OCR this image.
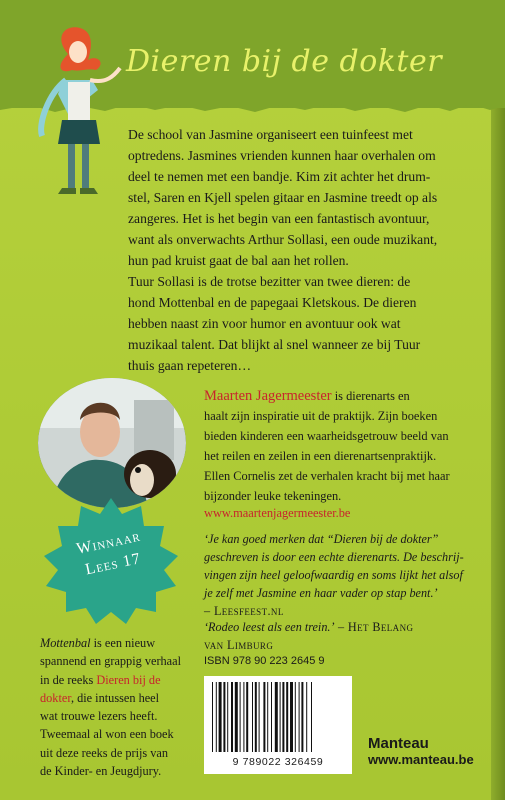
Dieren bij de dokter

De school van Jasmine organiseert een tuinfeest met

optredens. Jasmines vrienden kunnen haar overhalen om

deel te nemen met een bandje. Kim zit achter het drum-

stel, Saren en Kjell spelen gitaar en Jasmine treedt op als

zangeres. Het is het begin van een fantastisch avontuur,

want als onverwachts Arthur Sollasi, een oude muzikant,

hun pad kruist gaat de bal aan het rollen.

Tuur Sollasi is de trotse bezitter van twee dieren: de

hond Mottenbal en de papegaai Kletskous. De dieren

hebben naast zin voor humor en avontuur ook wat

muzikaal talent. Dat blijkt al snel wanneer ze bij Tuur

thuis gaan repeteren…

Winnaar
Lees 17

Maarten Jagermeester is dierenarts en

haalt zijn inspiratie uit de praktijk. Zijn boeken

bieden kinderen een waarheidsgetrouw beeld van

het reilen en zeilen in een dierenartsenpraktijk.

Ellen Cornelis zet de verhalen kracht bij met haar

bijzonder leuke tekeningen.

www.maartenjagermeester.be
‘Je kan goed merken dat “Dieren bij de dokter”
geschreven is door een echte dierenarts. De beschrij-
vingen zijn heel geloofwaardig en soms lijkt het alsof
je zelf met Jasmine en haar vader op stap bent.’
– Leesfeest.nl
‘Rodeo leest als een trein.’ – Het Belang
van Limburg

Mottenbal is een nieuw

spannend en grappig verhaal

in de reeks Dieren bij de

dokter, die intussen heel

wat trouwe lezers heeft.

Tweemaal al won een boek

uit deze reeks de prijs van

de Kinder- en Jeugdjury.

ISBN 978 90 223 2645 9
9 789022 326459
Manteau
www.manteau.be
